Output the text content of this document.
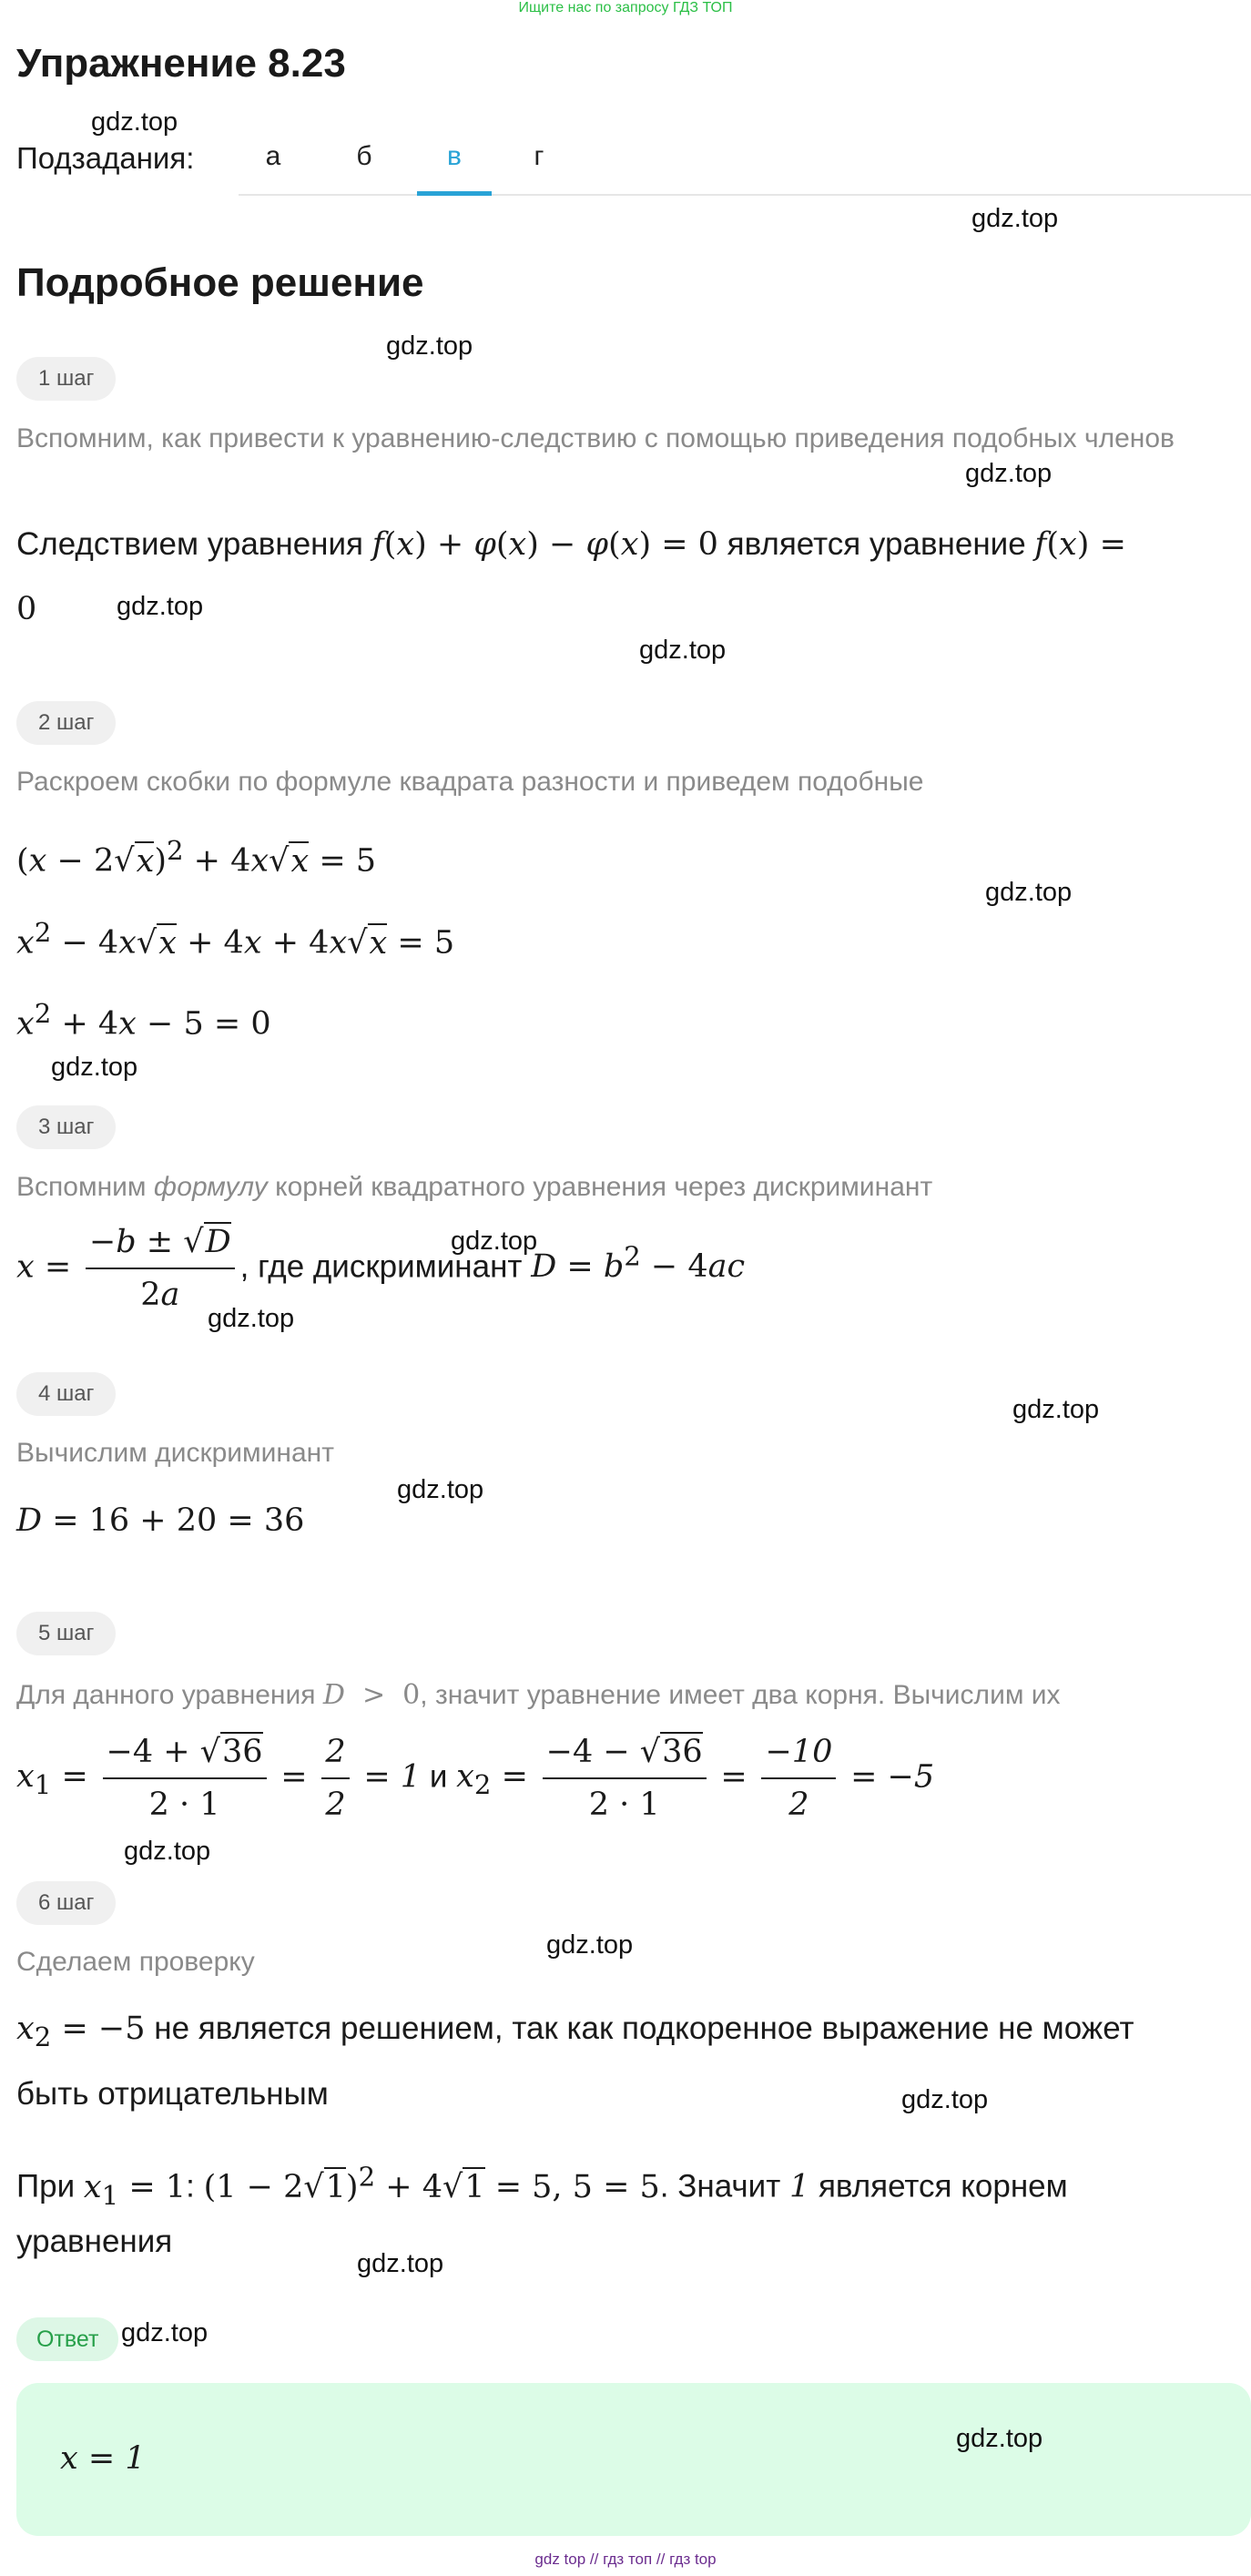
Ищите нас по запросу ГДЗ ТОП
Упражнение 8.23
gdz.top
Подзадания:	а	б	в	г
gdz.top
Подробное решение
gdz.top
1 шаг
Вспомним, как привести к уравнению-следствию с помощью приведения подобных членов
gdz.top
Следствием уравнения f(x) + φ(x) − φ(x) = 0 является уравнение f(x) =
0	gdz.top
gdz.top
2 шаг
Раскроем скобки по формуле квадрата разности и приведем подобные
$(x - 2√x)^2 + 4x√x = 5$
gdz.top
$x^2 - 4x√x + 4x + 4x√x = 5$
$x^2 + 4x - 5 = 0$
gdz.top
3 шаг
Вспомним формулу корней квадратного уравнения через дискриминант
$x = \frac{-b \pm √D}{2a}$ , где дискриминант $D = b^2 - 4ac$
gdz.top
gdz.top
4 шаг
gdz.top
Вычислим дискриминант
D = 16 + 20 = 36
gdz.top
5 шаг
Для данного уравнения D  >  0, значит уравнение имеет два корня. Вычислим их
$x_1 = \frac{-4 + √36}{2 \cdot 1} = \frac{2}{2} = 1$ и $x_2 = \frac{-4 - √36}{2 \cdot 1} = \frac{-10}{2} = -5$
gdz.top
6 шаг
gdz.top
Сделаем проверку
$x_2 = -5$ не является решением, так как подкоренное выражение не может
быть отрицательным	gdz.top
При $x_1 = 1$: $(1 - 2√1)^2 + 4√1 = 5$, 5 = 5. Значит 1 является корнем
уравнения
gdz.top
Ответ gdz.top
x = 1
gdz.top
gdz top // гдз топ // гдз top
